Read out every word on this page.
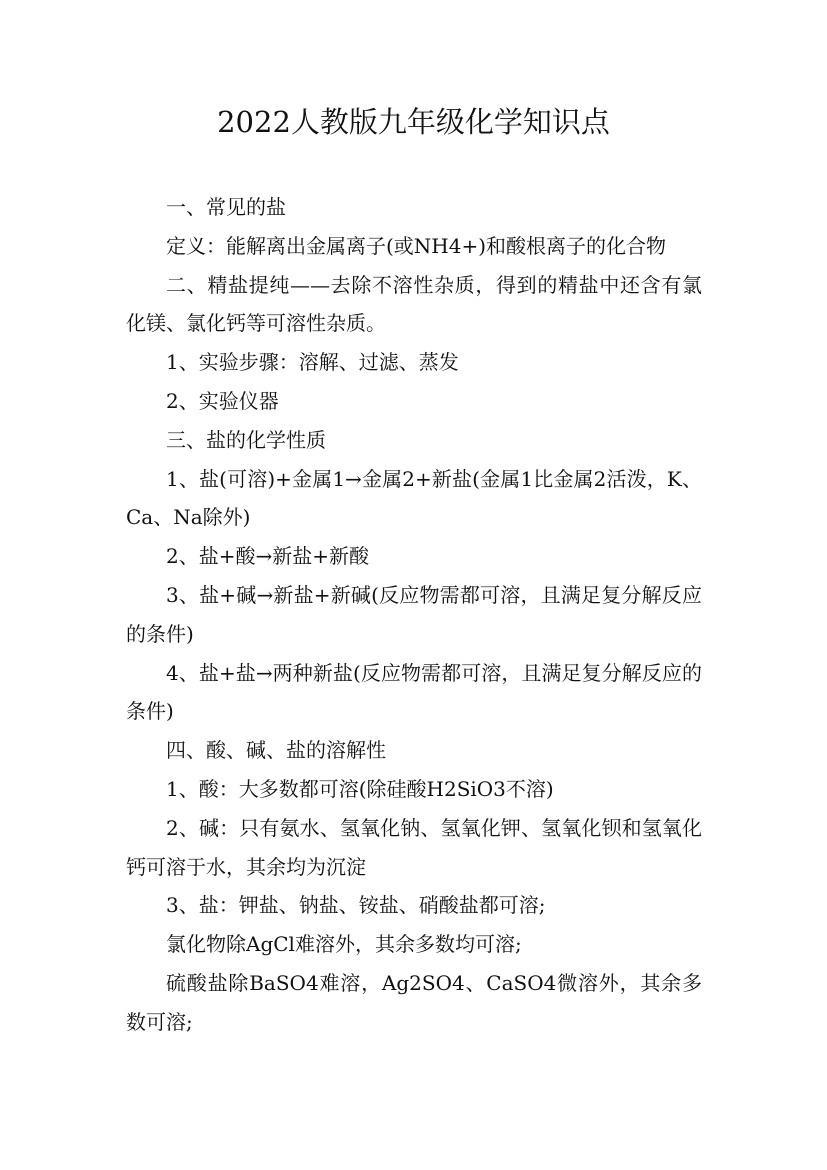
2022人教版九年级化学知识点

一、常见的盐

定义：能解离出金属离子(或NH4+)和酸根离子的化合物

二、精盐提纯——去除不溶性杂质，得到的精盐中还含有氯化镁、氯化钙等可溶性杂质。

1、实验步骤：溶解、过滤、蒸发

2、实验仪器

三、盐的化学性质

1、盐(可溶)+金属1→金属2+新盐(金属1比金属2活泼，K、Ca、Na除外)

2、盐+酸→新盐+新酸

3、盐+碱→新盐+新碱(反应物需都可溶，且满足复分解反应的条件)

4、盐+盐→两种新盐(反应物需都可溶，且满足复分解反应的条件)

四、酸、碱、盐的溶解性

1、酸：大多数都可溶(除硅酸H2SiO3不溶)

2、碱：只有氨水、氢氧化钠、氢氧化钾、氢氧化钡和氢氧化钙可溶于水，其余均为沉淀

3、盐：钾盐、钠盐、铵盐、硝酸盐都可溶;

氯化物除AgCl难溶外，其余多数均可溶;

硫酸盐除BaSO4难溶，Ag2SO4、CaSO4微溶外，其余多数可溶;
